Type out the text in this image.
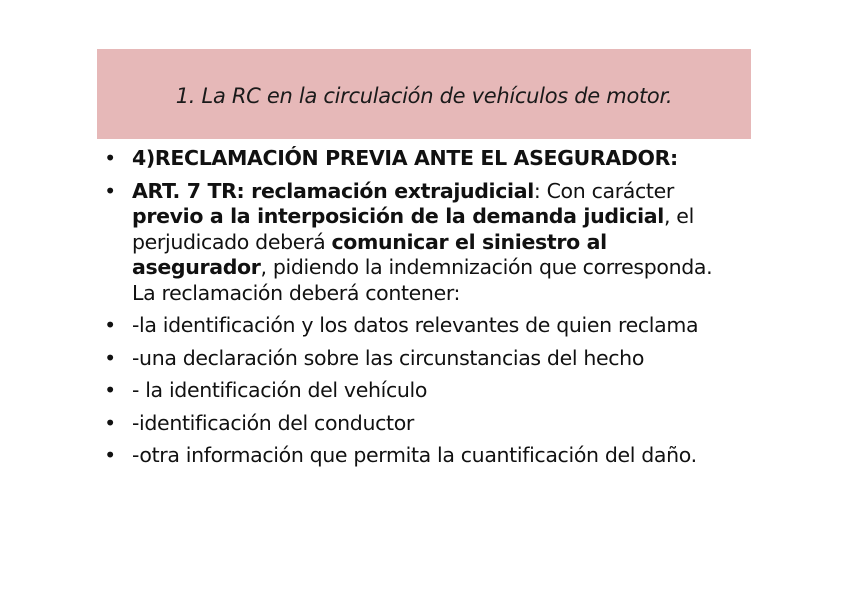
1. La RC en la circulación de vehículos de motor.
• 4)RECLAMACIÓN PREVIA ANTE EL ASEGURADOR:
• ART. 7 TR: reclamación extrajudicial: Con carácter previo a la interposición de la demanda judicial, el perjudicado deberá comunicar el siniestro al asegurador, pidiendo la indemnización que corresponda. La reclamación deberá contener:
• -la identificación y los datos relevantes de quien reclama
• -una declaración sobre las circunstancias del hecho
• - la identificación del vehículo
• -identificación del conductor
• -otra información que permita la cuantificación del daño.
